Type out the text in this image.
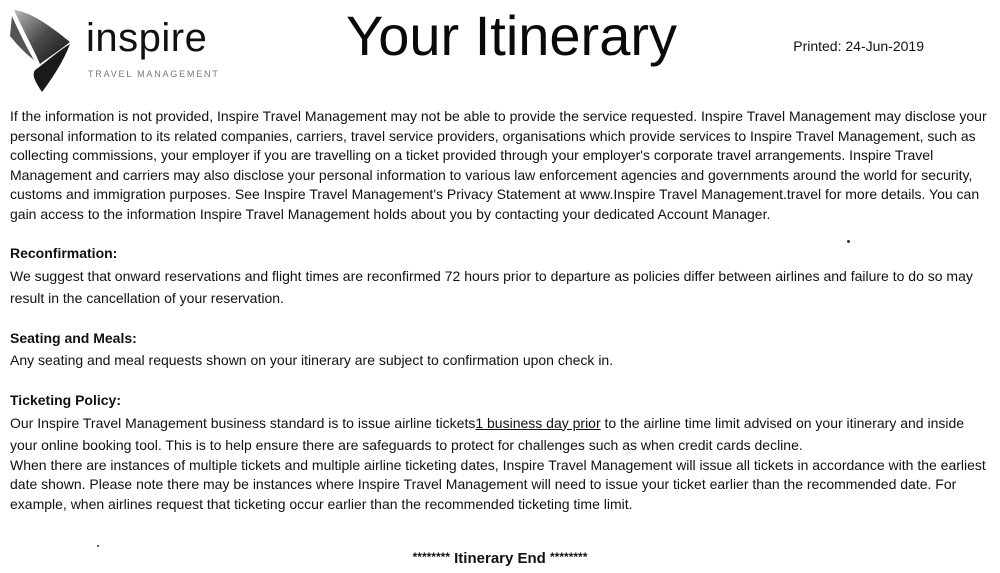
inspire
TRAVEL MANAGEMENT
Your Itinerary	Printed: 24-Jun-2019

If the information is not provided, Inspire Travel Management may not be able to provide the service requested. Inspire Travel Management may disclose your personal information to its related companies, carriers, travel service providers, organisations which provide services to Inspire Travel Management, such as collecting commissions, your employer if you are travelling on a ticket provided through your employer's corporate travel arrangements. Inspire Travel Management and carriers may also disclose your personal information to various law enforcement agencies and governments around the world for security, customs and immigration purposes. See Inspire Travel Management's Privacy Statement at www.Inspire Travel Management.travel for more details. You can gain access to the information Inspire Travel Management holds about you by contacting your dedicated Account Manager.

Reconfirmation:

We suggest that onward reservations and flight times are reconfirmed 72 hours prior to departure as policies differ between airlines and failure to do so may result in the cancellation of your reservation.

Seating and Meals:

Any seating and meal requests shown on your itinerary are subject to confirmation upon check in.

Ticketing Policy:

Our Inspire Travel Management business standard is to issue airline tickets1 business day prior to the airline time limit advised on your itinerary and inside your online booking tool. This is to help ensure there are safeguards to protect for challenges such as when credit cards decline.

When there are instances of multiple tickets and multiple airline ticketing dates, Inspire Travel Management will issue all tickets in accordance with the earliest date shown. Please note there may be instances where Inspire Travel Management will need to issue your ticket earlier than the recommended date. For example, when airlines request that ticketing occur earlier than the recommended ticketing time limit.

******** Itinerary End ********
